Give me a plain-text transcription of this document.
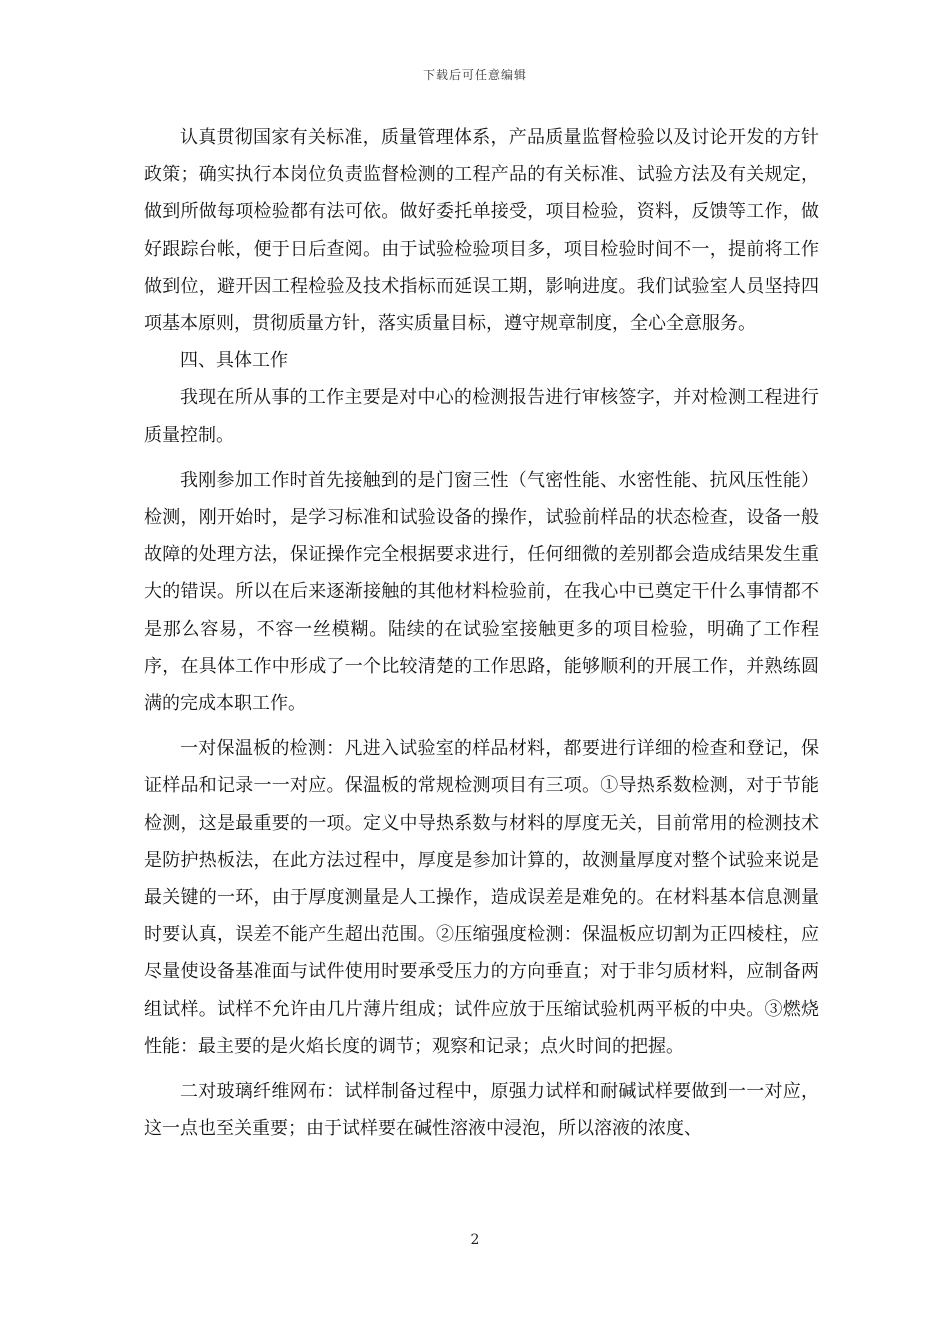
下载后可任意编辑

认真贯彻国家有关标准，质量管理体系，产品质量监督检验以及讨论开发的方针政策；确实执行本岗位负责监督检测的工程产品的有关标准、试验方法及有关规定，做到所做每项检验都有法可依。做好委托单接受，项目检验，资料，反馈等工作，做好跟踪台帐，便于日后查阅。由于试验检验项目多，项目检验时间不一，提前将工作做到位，避开因工程检验及技术指标而延误工期，影响进度。我们试验室人员坚持四项基本原则，贯彻质量方针，落实质量目标，遵守规章制度，全心全意服务。

四、具体工作

我现在所从事的工作主要是对中心的检测报告进行审核签字，并对检测工程进行质量控制。

我刚参加工作时首先接触到的是门窗三性（气密性能、水密性能、抗风压性能）检测，刚开始时，是学习标准和试验设备的操作，试验前样品的状态检查，设备一般故障的处理方法，保证操作完全根据要求进行，任何细微的差别都会造成结果发生重大的错误。所以在后来逐渐接触的其他材料检验前，在我心中已奠定干什么事情都不是那么容易，不容一丝模糊。陆续的在试验室接触更多的项目检验，明确了工作程序，在具体工作中形成了一个比较清楚的工作思路，能够顺利的开展工作，并熟练圆满的完成本职工作。

一对保温板的检测：凡进入试验室的样品材料，都要进行详细的检查和登记，保证样品和记录一一对应。保温板的常规检测项目有三项。①导热系数检测，对于节能检测，这是最重要的一项。定义中导热系数与材料的厚度无关，目前常用的检测技术是防护热板法，在此方法过程中，厚度是参加计算的，故测量厚度对整个试验来说是最关键的一环，由于厚度测量是人工操作，造成误差是难免的。在材料基本信息测量时要认真，误差不能产生超出范围。②压缩强度检测：保温板应切割为正四棱柱，应尽量使设备基准面与试件使用时要承受压力的方向垂直；对于非匀质材料，应制备两组试样。试样不允许由几片薄片组成；试件应放于压缩试验机两平板的中央。③燃烧性能：最主要的是火焰长度的调节；观察和记录；点火时间的把握。

二对玻璃纤维网布：试样制备过程中，原强力试样和耐碱试样要做到一一对应，这一点也至关重要；由于试样要在碱性溶液中浸泡，所以溶液的浓度、

2
